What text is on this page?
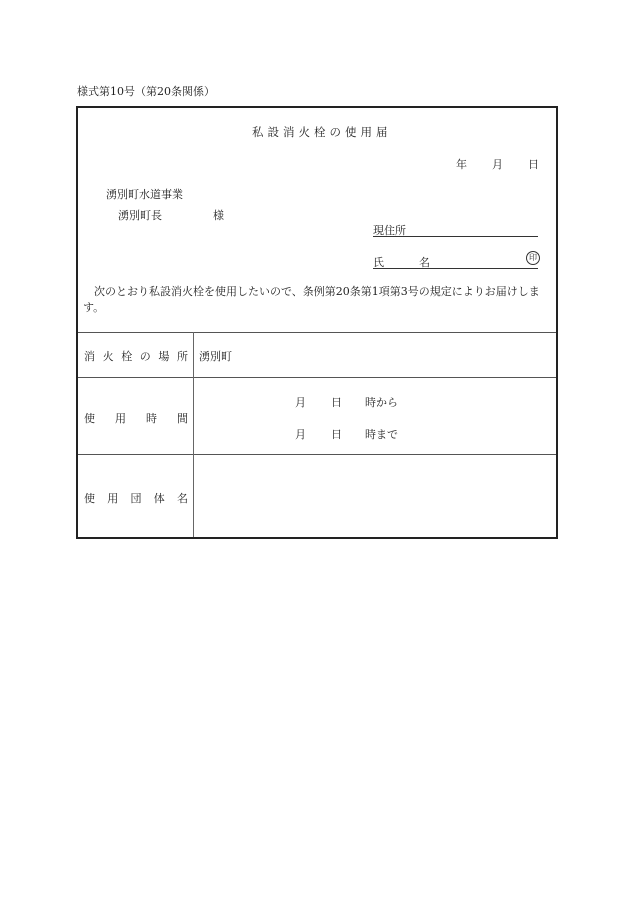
様式第10号（第20条関係）
私設消火栓の使用届
年 月 日
湧別町水道事業
湧別町長	様
現住所
氏　名	印
次のとおり私設消火栓を使用したいので、条例第20条第1項第3号の規定によりお届けします。
消 火 栓 の 場 所 湧別町
使 用 時 間
月 日 時から
月 日 時まで
使 用 団 体 名
